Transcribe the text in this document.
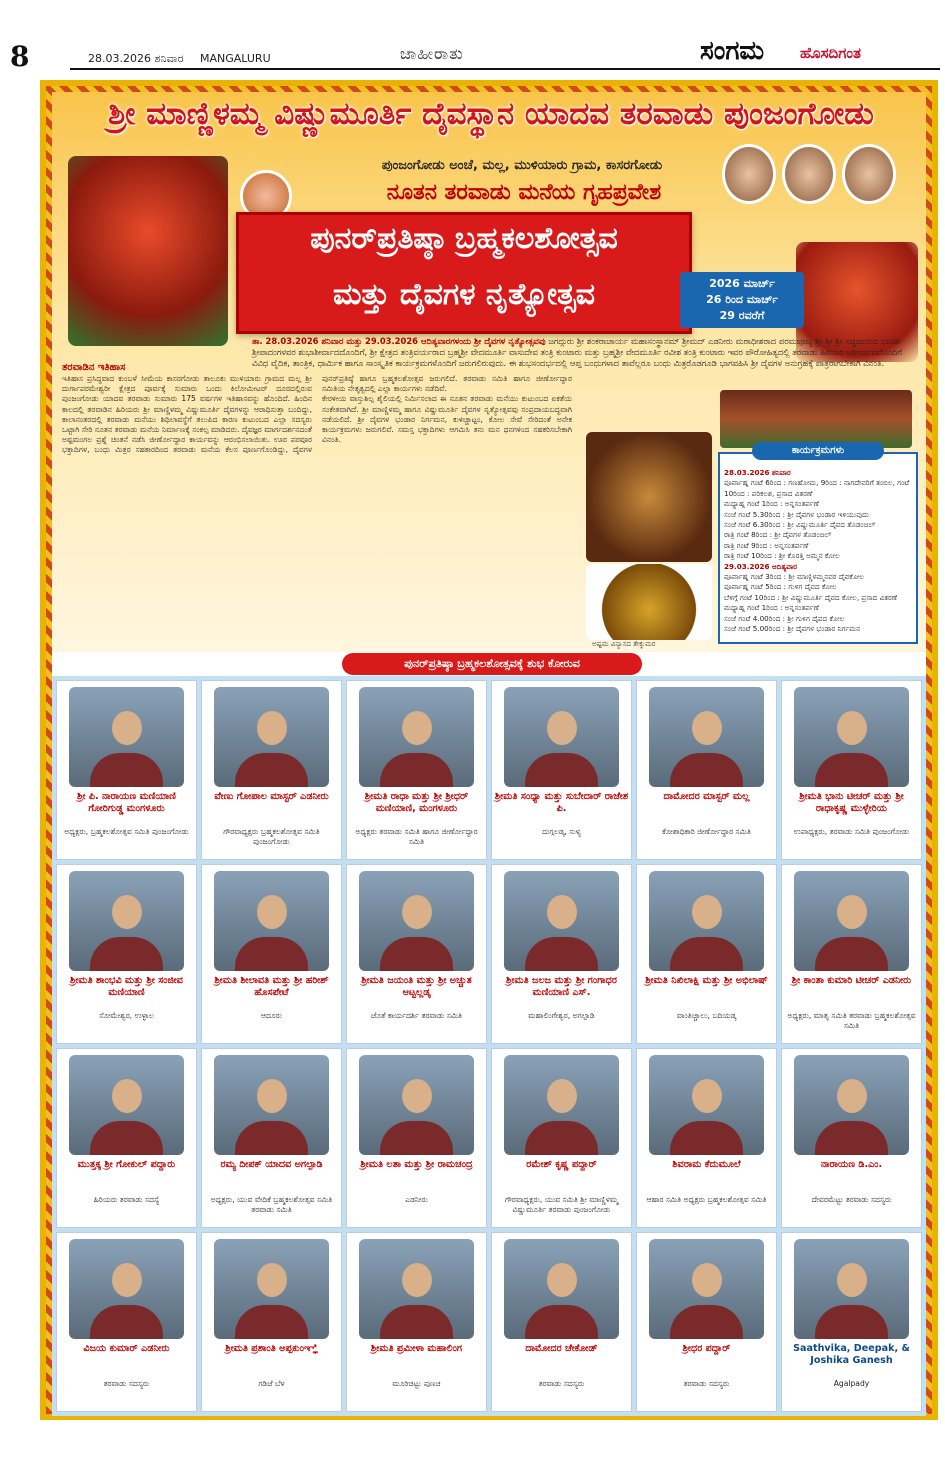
8	28.03.2026 ಶನಿವಾರ MANGALURU	ಜಾಹೀರಾತು	ಸಂಗಮ ಹೊಸದಿಗಂತ
ಶ್ರೀ ಮಾಣ್ಣಿಳಮ್ಮ ವಿಷ್ಣುಮೂರ್ತಿ ದೈವಸ್ಥಾನ ಯಾದವ ತರವಾಡು ಪುಂಜಂಗೋಡು
ಪುಂಜಂಗೋಡು ಅಂಚೆ, ಮಲ್ಲ, ಮುಳಿಯಾರು ಗ್ರಾಮ, ಕಾಸರಗೋಡು
ನೂತನ ತರವಾಡು ಮನೆಯ ಗೃಹಪ್ರವೇಶ
ಪುನರ್‌ಪ್ರತಿಷ್ಠಾ ಬ್ರಹ್ಮಕಲಶೋತ್ಸವ
ಮತ್ತು ದೈವಗಳ ನೃತ್ಯೋತ್ಸವ	2026 ಮಾರ್ಚ್
26 ರಿಂದ ಮಾರ್ಚ್
29 ರವರೆಗೆ
ತಾ. 28.03.2026 ಶನಿವಾರ ಮತ್ತು 29.03.2026 ಆದಿತ್ಯವಾರಗಳಂದು ಶ್ರೀ ದೈವಗಳ ನೃತ್ಯೋತ್ಸವವು ಜಗದ್ಗುರು ಶ್ರೀ ಶಂಕರಾಚಾರ್ಯ ಮಹಾಸಂಸ್ಥಾನಮ್ ಶ್ರೀಮದ್ ಎಡನೀರು ಮಠಾಧೀಶರಾದ ಪರಮಪೂಜ್ಯ ಶ್ರೀ ಶ್ರೀ ಶ್ರೀ ಸಚ್ಚಿದಾನಂದ ಭಾರತೀ ಶ್ರೀಪಾದಂಗಳವರ ಶುಭಾಶೀರ್ವಾದದೊಂದಿಗೆ, ಶ್ರೀ ಕ್ಷೇತ್ರದ ತಂತ್ರಿವರ್ಯರಾದ ಬ್ರಹ್ಮಶ್ರೀ ವೇದಮೂರ್ತಿ ವಾಸುದೇವ ತಂತ್ರಿ ಕುಂಟಾರು ಮತ್ತು ಬ್ರಹ್ಮಶ್ರೀ ವೇದಮೂರ್ತಿ ರವೀಶ ತಂತ್ರಿ ಕುಂಟಾರು ಇವರ ಪೌರೋಹಿತ್ಯದಲ್ಲಿ ತರವಾಡು ಹಿರಿಯರ ಆಶೀರ್ವಾದದೊಂದಿಗೆ ವಿವಿಧ ವೈದಿಕ, ತಾಂತ್ರಿಕ, ಧಾರ್ಮಿಕ ಹಾಗೂ ಸಾಂಸ್ಕೃತಿಕ ಕಾರ್ಯಕ್ರಮಗಳೊಂದಿಗೆ ಜರುಗಲಿರುವುದು. ಈ ಶುಭಸಂದರ್ಭದಲ್ಲಿ ಆಪ್ತ ಬಂಧುಗಳಾದ ತಾವೆಲ್ಲರೂ ಬಂಧು ಮಿತ್ರರೊಡಗೂಡಿ ಭಾಗವಹಿಸಿ ಶ್ರೀ ದೈವಗಳ ಅನುಗ್ರಹಕ್ಕೆ ಪಾತ್ರರಾಗಬೇಕಾಗಿ ವಿನಂತಿ.
ತರವಾಡಿನ ಇತಿಹಾಸ

ಇತಿಹಾಸ ಪ್ರಸಿದ್ಧವಾದ ಕುಂಬಳೆ ಸೀಮೆಯ ಕಾಸರಗೋಡು ತಾಲೂಕು ಮುಳಿಯಾರು ಗ್ರಾಮದ ಮಲ್ಲ ಶ್ರೀ ದುರ್ಗಾಪರಮೇಶ್ವರೀ ಕ್ಷೇತ್ರದ ಪೂರ್ವಕ್ಕೆ ಸುಮಾರು ಒಂದು ಕಿಲೋಮೀಟರ್ ದೂರದಲ್ಲಿರುವ ಪುಂಜಂಗೋಡು ಯಾದವ ತರವಾಡು ಸುಮಾರು 175 ವರ್ಷಗಳ ಇತಿಹಾಸವನ್ನು ಹೊಂದಿದೆ. ಹಿಂದಿನ ಕಾಲದಲ್ಲಿ ತರವಾಡಿನ ಹಿರಿಯರು ಶ್ರೀ ಮಾಣ್ಣಿಳಮ್ಮ ವಿಷ್ಣುಮೂರ್ತಿ ದೈವಗಳನ್ನು ಆರಾಧಿಸುತ್ತಾ ಬಂದಿದ್ದು, ಕಾಲಾನಂತರದಲ್ಲಿ ತರವಾಡು ಮನೆಯು ಶಿಥಿಲಾವಸ್ಥೆಗೆ ತಲುಪಿದ ಕಾರಣ ಕುಟುಂಬದ ಎಲ್ಲಾ ಸದಸ್ಯರು ಒಟ್ಟಾಗಿ ಸೇರಿ ನೂತನ ತರವಾಡು ಮನೆಯ ನಿರ್ಮಾಣಕ್ಕೆ ಸಂಕಲ್ಪ ಮಾಡಿದರು. ದೈವಜ್ಞರ ಮಾರ್ಗದರ್ಶನದಂತೆ ಅಷ್ಟಮಂಗಲ ಪ್ರಶ್ನೆ ಚಿಂತನೆ ನಡೆಸಿ ಜೀರ್ಣೋದ್ಧಾರ ಕಾರ್ಯವನ್ನು ಆರಂಭಿಸಲಾಯಿತು. ಊರ ಪರವೂರ ಭಕ್ತಾದಿಗಳ, ಬಂಧು ಮಿತ್ರರ ಸಹಕಾರದಿಂದ ತರವಾಡು ಮನೆಯ ಕೆಲಸ ಪೂರ್ಣಗೊಂಡಿದ್ದು, ದೈವಗಳ ಪುನರ್‌ಪ್ರತಿಷ್ಠೆ ಹಾಗೂ ಬ್ರಹ್ಮಕಲಶೋತ್ಸವ ಜರುಗಲಿದೆ. ತರವಾಡು ಸಮಿತಿ ಹಾಗೂ ಜೀರ್ಣೋದ್ಧಾರ ಸಮಿತಿಯ ನೇತೃತ್ವದಲ್ಲಿ ಎಲ್ಲಾ ಕಾರ್ಯಗಳು ನಡೆದಿವೆ.

ಕೇರಳೀಯ ವಾಸ್ತುಶಿಲ್ಪ ಶೈಲಿಯಲ್ಲಿ ನಿರ್ಮಿಸಲಾದ ಈ ನೂತನ ತರವಾಡು ಮನೆಯು ಕುಟುಂಬದ ಏಕತೆಯ ಸಂಕೇತವಾಗಿದೆ. ಶ್ರೀ ಮಾಣ್ಣಿಳಮ್ಮ ಹಾಗೂ ವಿಷ್ಣುಮೂರ್ತಿ ದೈವಗಳ ನೃತ್ಯೋತ್ಸವವು ಸಂಪ್ರದಾಯಬದ್ಧವಾಗಿ ನಡೆಯಲಿದೆ. ಶ್ರೀ ದೈವಗಳ ಭಂಡಾರ ನಿರ್ಗಮನ, ಕುಳಿಚ್ಚಾಟ್ಟಂ, ಕೋಲ ಸೇವೆ ಸೇರಿದಂತೆ ಅನೇಕ ಕಾರ್ಯಕ್ರಮಗಳು ಜರುಗಲಿವೆ. ಸಮಸ್ತ ಭಕ್ತಾದಿಗಳು ಆಗಮಿಸಿ ತನು ಮನ ಧನಗಳಿಂದ ಸಹಕರಿಸಬೇಕಾಗಿ ವಿನಂತಿ.

ಅಷ್ಟಮ ವಿನ್ಯಾಸದ ತೇಕ್ಕುಮರ
28.03.2026 ಶನಿವಾರ
ಪೂರ್ವಾಹ್ನ ಗಂಟೆ 6ರಿಂದ : ಗಣಹೋಮ, 9ರಿಂದ : ನಾಗದೇವರಿಗೆ ತಂಬಿಲ, ಗಂಟೆ 10ರಿಂದ : ಪರಿಕಲಶ, ಪ್ರಸಾದ ವಿತರಣೆ
ಮಧ್ಯಾಹ್ನ ಗಂಟೆ 1ರಿಂದ : ಅನ್ನಸಂತರ್ಪಣೆ
ಸಂಜೆ ಗಂಟೆ 5.30ರಿಂದ : ಶ್ರೀ ದೈವಗಳ ಭಂಡಾರ ಇಳಿಯುವುದು
ಸಂಜೆ ಗಂಟೆ 6.30ರಿಂದ : ಶ್ರೀ ವಿಷ್ಣುಮೂರ್ತಿ ದೈವದ ತೊಡಂಙಲ್
ರಾತ್ರಿ ಗಂಟೆ 8ರಿಂದ : ಶ್ರೀ ದೈವಗಳ ತೊಡಂಙಲ್
ರಾತ್ರಿ ಗಂಟೆ 9ರಿಂದ : ಅನ್ನಸಂತರ್ಪಣೆ
ರಾತ್ರಿ ಗಂಟೆ 10ರಿಂದ : ಶ್ರೀ ಕೊರತ್ತಿ ಅಮ್ಮನ ಕೋಲ
29.03.2026 ಆದಿತ್ಯವಾರ
ಪೂರ್ವಾಹ್ನ ಗಂಟೆ 3ರಿಂದ : ಶ್ರೀ ಮಾಣ್ಣಿಳಮ್ಮನವರ ದೈವಕೋಲ
ಪೂರ್ವಾಹ್ನ ಗಂಟೆ 5ರಿಂದ : ಗುಳಿಗ ದೈವದ ಕೋಲ
ಬೆಳಿಗ್ಗೆ ಗಂಟೆ 10ರಿಂದ : ಶ್ರೀ ವಿಷ್ಣುಮೂರ್ತಿ ದೈವದ ಕೋಲ, ಪ್ರಸಾದ ವಿತರಣೆ
ಮಧ್ಯಾಹ್ನ ಗಂಟೆ 1ರಿಂದ : ಅನ್ನಸಂತರ್ಪಣೆ
ಸಂಜೆ ಗಂಟೆ 4.00ರಿಂದ : ಶ್ರೀ ಗುಳಿಗ ದೈವದ ಕೋಲ
ಸಂಜೆ ಗಂಟೆ 5.00ರಿಂದ : ಶ್ರೀ ದೈವಗಳ ಭಂಡಾರ ನಿರ್ಗಮನ
ಕಾರ್ಯಕ್ರಮಗಳು
ಪುನರ್‌ಪ್ರತಿಷ್ಠಾ ಬ್ರಹ್ಮಕಲಶೋತ್ಸವಕ್ಕೆ ಶುಭ ಕೋರುವ
ಶ್ರೀ ಪಿ. ನಾರಾಯಣ ಮಣಿಯಾಣಿ ಗೋರಿಗುಡ್ಡ ಮಂಗಳೂರು
ಅಧ್ಯಕ್ಷರು, ಬ್ರಹ್ಮಕಲಶೋತ್ಸವ ಸಮಿತಿ ಪುಂಜಂಗೋಡು
ವೇಣು ಗೋಪಾಲ ಮಾಸ್ಟರ್ ಎಡನೀರು
ಗೌರವಾಧ್ಯಕ್ಷರು ಬ್ರಹ್ಮಕಲಶೋತ್ಸವ ಸಮಿತಿ ಪುಂಜಂಗೋಡು
ಶ್ರೀಮತಿ ರಾಧಾ ಮತ್ತು ಶ್ರೀ ಶ್ರೀಧರ್ ಮಣಿಯಾಣಿ, ಮಂಗಳೂರು
ಅಧ್ಯಕ್ಷರು ತರವಾಡು ಸಮಿತಿ ಹಾಗೂ ಜೀರ್ಣೋದ್ಧಾರ ಸಮಿತಿ
ಶ್ರೀಮತಿ ಸಂಧ್ಯಾ ಮತ್ತು ಸುಬೇದಾರ್ ರಾಜೇಶ ಪಿ.
ದುಗ್ಗಲಡ್ಕ, ಸುಳ್ಯ
ದಾಮೋದರ ಮಾಸ್ಟರ್ ಮಲ್ಲ
ಕೋಶಾಧಿಕಾರಿ ಜೀರ್ಣೋದ್ಧಾರ ಸಮಿತಿ
ಶ್ರೀಮತಿ ಭಾನು ಟೀಚರ್ ಮತ್ತು ಶ್ರೀ ರಾಧಾಕೃಷ್ಣ ಮುಳ್ಳೇರಿಯ
ಉಪಾಧ್ಯಕ್ಷರು, ತರವಾಡು ಸಮಿತಿ ಪುಂಜಂಗೋಡು
ಶ್ರೀಮತಿ ಶಾಂಭವಿ ಮತ್ತು ಶ್ರೀ ಸಂಜೀವ ಮಣಿಯಾಣಿ
ಸೋಮೇಶ್ವರ, ಉಳ್ಳಾಲ
ಶ್ರೀಮತಿ ಶೀಲಾವತಿ ಮತ್ತು ಶ್ರೀ ಹರೀಶ್ ಹೊಸಪೇಟೆ
ಆದೂರು
ಶ್ರೀಮತಿ ಜಯಂತಿ ಮತ್ತು ಶ್ರೀ ಅಚ್ಚುತ ಆಟ್ಟಲ್ಲಡ್ಕ
ಜೊತೆ ಕಾರ್ಯದರ್ಶಿ ತರವಾಡು ಸಮಿತಿ
ಶ್ರೀಮತಿ ಜಲಜ ಮತ್ತು ಶ್ರೀ ಗಂಗಾಧರ ಮಣಿಯಾಣಿ ಎಸ್.
ಮಹಾಲಿಂಗೇಶ್ವರ, ಅಗಲ್ಪಾಡಿ
ಶ್ರೀಮತಿ ನಿಖಿಲಾಕ್ಷಿ ಮತ್ತು ಶ್ರೀ ಅಭಿಲಾಷ್
ವಾಂತಿಚ್ಚಾಲು, ಬದಿಯಡ್ಕ
ಶ್ರೀ ಕಾಂತಾ ಕುಮಾರಿ ಟೀಚರ್ ಎಡನೀರು
ಅಧ್ಯಕ್ಷರು, ಮಾತೃ ಸಮಿತಿ ತರವಾಡು ಬ್ರಹ್ಮಕಲಶೋತ್ಸವ ಸಮಿತಿ
ಮುತ್ತಕ್ಕ ಶ್ರೀ ಗೋಕುಲ್ ಪದ್ದಾರು
ಹಿರಿಯರು ತರವಾಡು ಸದಸ್ಯೆ
ರಮ್ಯ ದೀಪಕ್ ಯಾದವ ಅಗಲ್ಪಾಡಿ
ಅಧ್ಯಕ್ಷರು, ಯುವ ವೇದಿಕೆ ಬ್ರಹ್ಮಕಲಶೋತ್ಸವ ಸಮಿತಿ ತರವಾಡು ಸಮಿತಿ
ಶ್ರೀಮತಿ ಲತಾ ಮತ್ತು ಶ್ರೀ ರಾಮಚಂದ್ರ
ಎಡನೀರು
ರಮೇಶ್ ಕೃಷ್ಣ ಪದ್ದಾರ್
ಗೌರವಾಧ್ಯಕ್ಷರು, ಯುವ ಸಮಿತಿ ಶ್ರೀ ಮಾಣ್ಣಿಳಮ್ಮ ವಿಷ್ಣುಮೂರ್ತಿ ತರವಾಡು ಪುಂಜಂಗೋಡು
ಶಿವರಾಮ ಕೆದುಮೂಲೆ
ಆಹಾರ ಸಮಿತಿ ಅಧ್ಯಕ್ಷರು ಬ್ರಹ್ಮಕಲಶೋತ್ಸವ ಸಮಿತಿ
ನಾರಾಯಣ ಡಿ.ಎಂ.
ದೇವರಮೆಟ್ಟು ತರವಾಡು ಸದಸ್ಯರು
ವಿಜಯ ಕುಮಾರ್ ಎಡನೀರು
ತರವಾಡು ಸದಸ್ಯರು
ಶ್ರೀಮತಿ ಪ್ರಶಾಂತಿ ಅಪ್ಪಕುಂಞ್ಞಿ
ಗಡಿಜೆ ಬೆಳ
ಶ್ರೀಮತಿ ಪ್ರಮೀಳಾ ಮಹಾಲಿಂಗ
ಮೂರಿಚಿಟ್ಟು ಪುಣಚ
ದಾಮೋದರ ಚೇಕೋಡ್
ತರವಾಡು ಸದಸ್ಯರು
ಶ್ರೀಧರ ಪದ್ದಾರ್
ತರವಾಡು ಸದಸ್ಯರು
Saathvika, Deepak, & Joshika Ganesh
Agalpady
